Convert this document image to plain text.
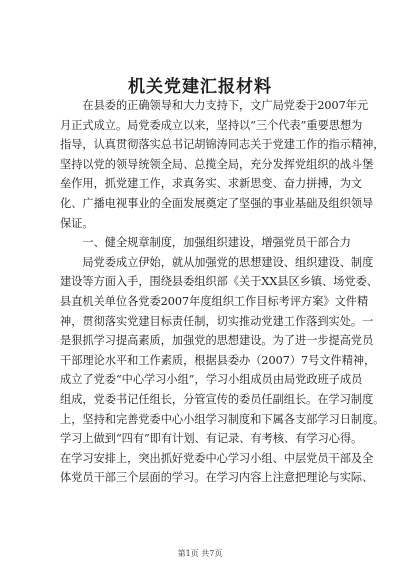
机关党建汇报材料
　　在县委的正确领导和大力支持下，文广局党委于2007年元
月正式成立。局党委成立以来，坚持以“三个代表”重要思想为
指导，认真贯彻落实总书记胡锦涛同志关于党建工作的指示精神，
坚持以党的领导统领全局、总揽全局，充分发挥党组织的战斗堡
垒作用，抓党建工作，求真务实、求新思变、奋力拼搏，为文
化、广播电视事业的全面发展奠定了坚强的事业基础及组织领导
保证。
　　一、健全规章制度，加强组织建设，增强党员干部合力
　　局党委成立伊始，就从加强党的思想建设、组织建设、制度
建设等方面入手，围绕县委组织部《关于XX县区乡镇、场党委、
县直机关单位各党委2007年度组织工作目标考评方案》文件精
神，贯彻落实党建目标责任制，切实推动党建工作落到实处。一
是狠抓学习提高素质，加强党的思想建设。为了进一步提高党员
干部理论水平和工作素质，根据县委办（2007）7号文件精神，
成立了党委“中心学习小组”，学习小组成员由局党政班子成员
组成，党委书记任组长，分管宣传的委员任副组长。在学习制度
上，坚持和完善党委中心小组学习制度和下属各支部学习日制度。
学习上做到“四有”即有计划、有记录、有考核、有学习心得。
在学习安排上，突出抓好党委中心学习小组、中层党员干部及全
体党员干部三个层面的学习。在学习内容上注意把理论与实际、
第1页 共7页
